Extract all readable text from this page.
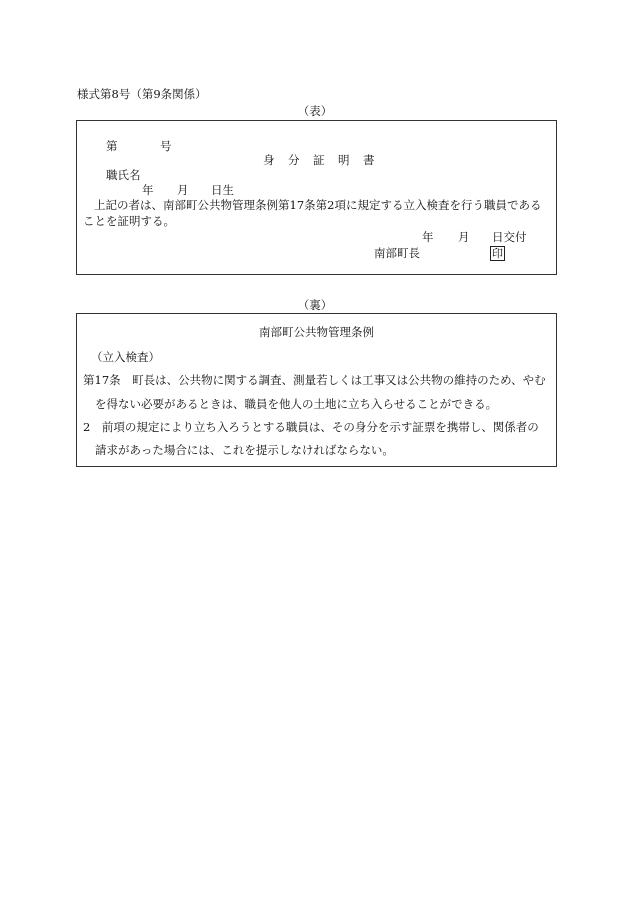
様式第8号（第9条関係）
（表）
第	号
身　分　証　明　書
職氏名
年 月 日生
上記の者は、南部町公共物管理条例第17条第2項に規定する立入検査を行う職員であることを証明する。
年 月 日交付
南部町長	印
（裏）
南部町公共物管理条例
（立入検査）
第17条　町長は、公共物に関する調査、測量若しくは工事又は公共物の維持のため、やむ
を得ない必要があるときは、職員を他人の土地に立ち入らせることができる。
2　前項の規定により立ち入ろうとする職員は、その身分を示す証票を携帯し、関係者の
請求があった場合には、これを提示しなければならない。
